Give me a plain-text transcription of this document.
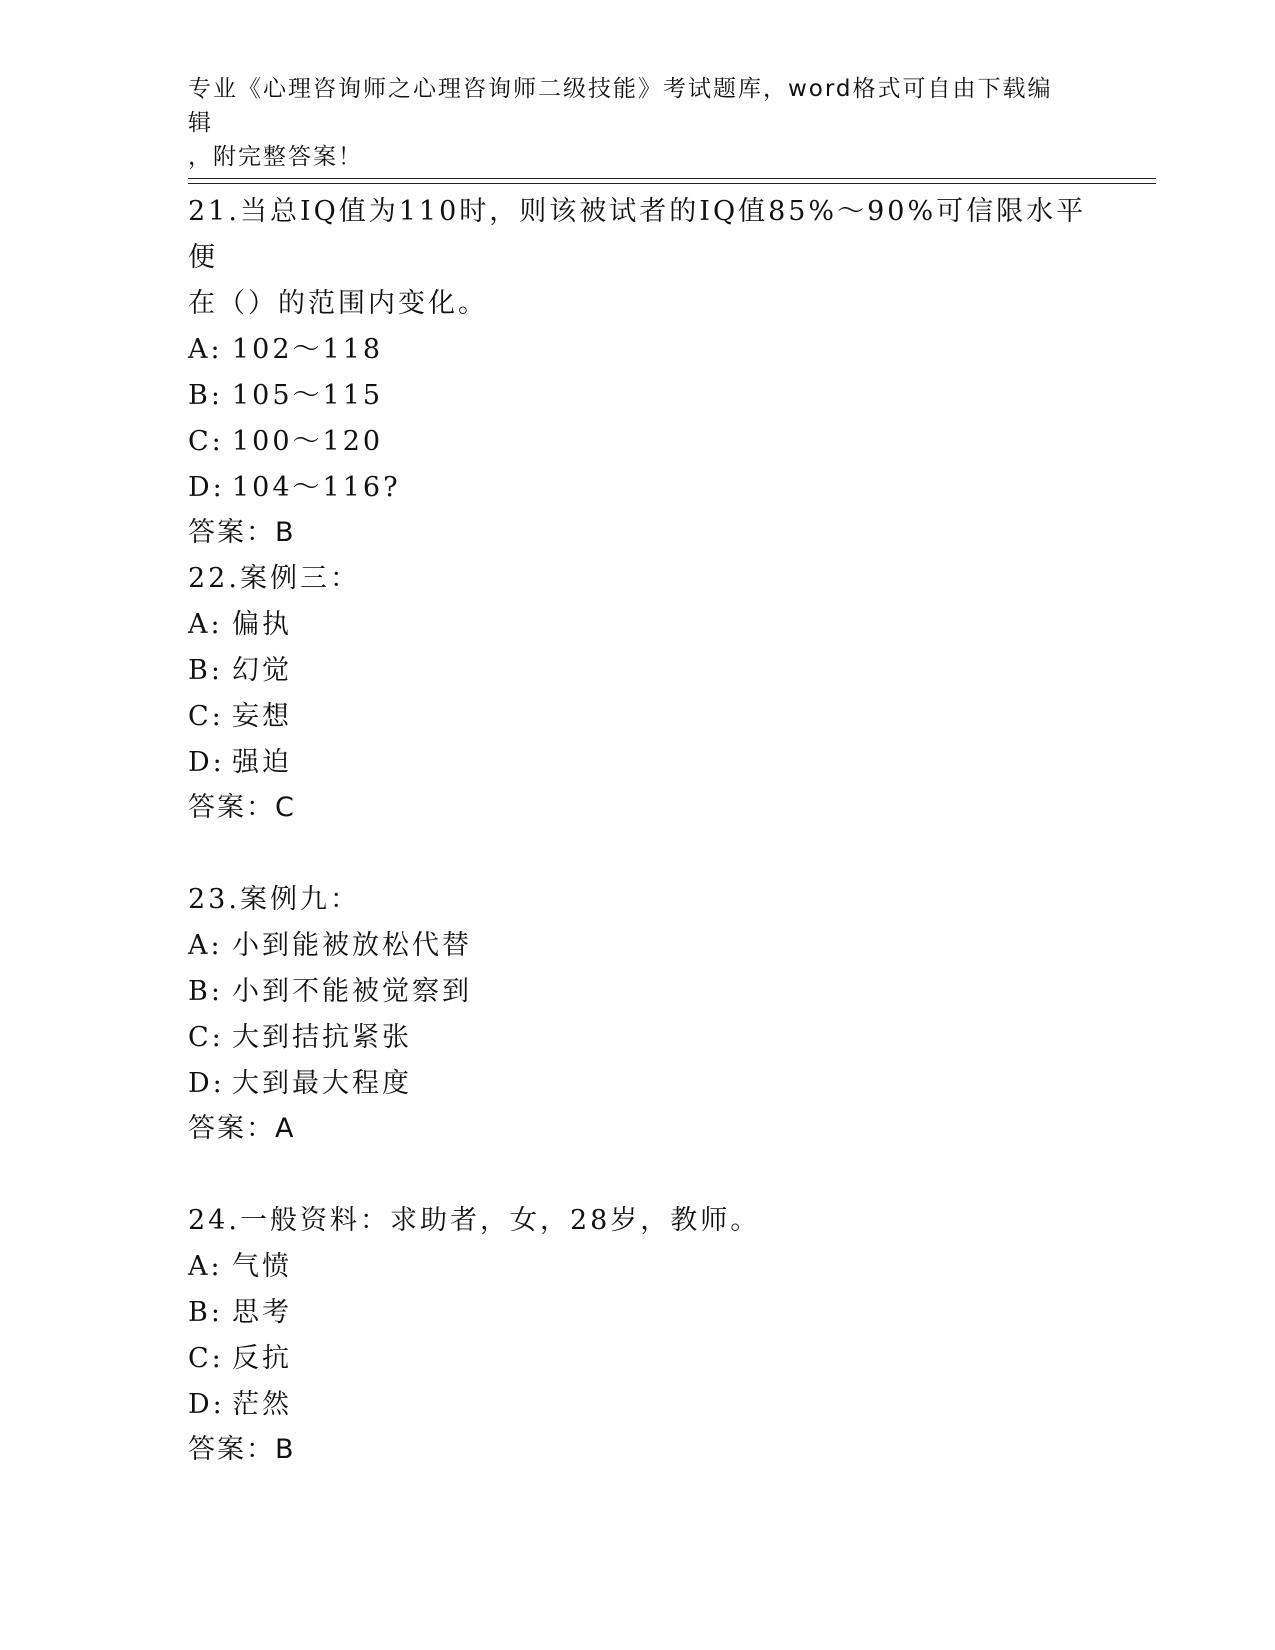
专业《心理咨询师之心理咨询师二级技能》考试题库，word格式可自由下载编辑
，附完整答案！
21.当总IQ值为110时，则该被试者的IQ值85%～90%可信限水平便
在（）的范围内变化。
A: 102～118
B: 105～115
C: 100～120
D: 104～116?
答案：B
22.案例三：
A: 偏执
B: 幻觉
C: 妄想
D: 强迫
答案：C
23.案例九：
A: 小到能被放松代替
B: 小到不能被觉察到
C: 大到拮抗紧张
D: 大到最大程度
答案：A
24.一般资料：求助者，女，28岁，教师。
A: 气愤
B: 思考
C: 反抗
D: 茫然
答案：B
